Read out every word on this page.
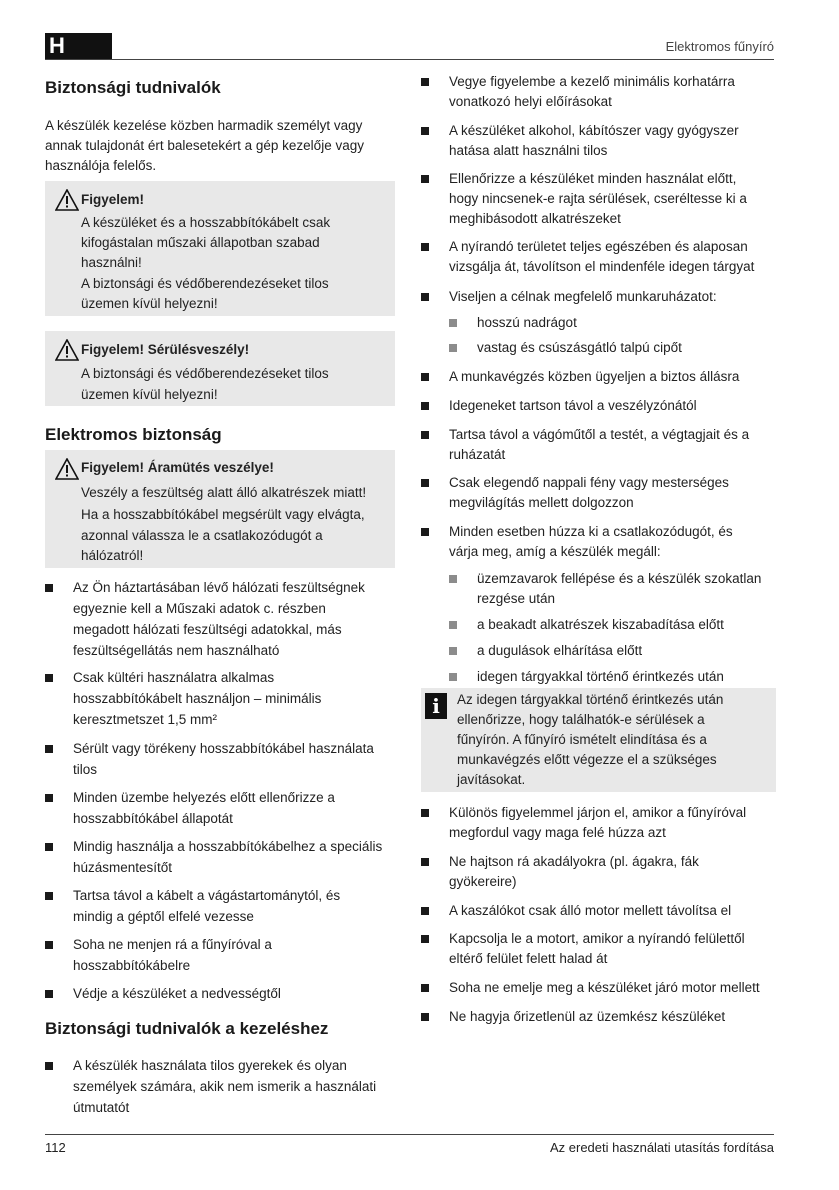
H	Elektromos fűnyíró
Biztonsági tudnivalók

A készülék kezelése közben harmadik személyt vagy

annak tulajdonát ért balesetekért a gép kezelője vagy

használója felelős.

Figyelem!
A készüléket és a hosszabbítókábelt csak
kifogástalan műszaki állapotban szabad
használni!
A biztonsági és védőberendezéseket tilos
üzemen kívül helyezni!
Figyelem! Sérülésveszély!
A biztonsági és védőberendezéseket tilos
üzemen kívül helyezni!
Elektromos biztonság
Figyelem! Áramütés veszélye!
Veszély a feszültség alatt álló alkatrészek miatt!
Ha a hosszabbítókábel megsérült vagy elvágta,
azonnal válassza le a csatlakozódugót a
hálózatról!
Az Ön háztartásában lévő hálózati feszültségnek
egyeznie kell a Műszaki adatok c. részben
megadott hálózati feszültségi adatokkal, más
feszültségellátás nem használható
Csak kültéri használatra alkalmas
hosszabbítókábelt használjon – minimális
keresztmetszet 1,5 mm²
Sérült vagy törékeny hosszabbítókábel használata
tilos
Minden üzembe helyezés előtt ellenőrizze a
hosszabbítókábel állapotát
Mindig használja a hosszabbítókábelhez a speciális
húzásmentesítőt
Tartsa távol a kábelt a vágástartománytól, és
mindig a géptől elfelé vezesse
Soha ne menjen rá a fűnyíróval a
hosszabbítókábelre
Védje a készüléket a nedvességtől
Biztonsági tudnivalók a kezeléshez
A készülék használata tilos gyerekek és olyan
személyek számára, akik nem ismerik a használati
útmutatót
Vegye figyelembe a kezelő minimális korhatárra
vonatkozó helyi előírásokat
A készüléket alkohol, kábítószer vagy gyógyszer
hatása alatt használni tilos
Ellenőrizze a készüléket minden használat előtt,
hogy nincsenek-e rajta sérülések, cseréltesse ki a
meghibásodott alkatrészeket
A nyírandó területet teljes egészében és alaposan
vizsgálja át, távolítson el mindenféle idegen tárgyat
Viseljen a célnak megfelelő munkaruházatot:
hosszú nadrágot
vastag és csúszásgátló talpú cipőt
A munkavégzés közben ügyeljen a biztos állásra
Idegeneket tartson távol a veszélyzónától
Tartsa távol a vágóműtől a testét, a végtagjait és a
ruházatát
Csak elegendő nappali fény vagy mesterséges
megvilágítás mellett dolgozzon
Minden esetben húzza ki a csatlakozódugót, és
várja meg, amíg a készülék megáll:
üzemzavarok fellépése és a készülék szokatlan
rezgése után
a beakadt alkatrészek kiszabadítása előtt
a dugulások elhárítása előtt
idegen tárgyakkal történő érintkezés után
i	Az idegen tárgyakkal történő érintkezés után
ellenőrizze, hogy találhatók-e sérülések a
fűnyírón. A fűnyíró ismételt elindítása és a
munkavégzés előtt végezze el a szükséges
javításokat.
Különös figyelemmel járjon el, amikor a fűnyíróval
megfordul vagy maga felé húzza azt
Ne hajtson rá akadályokra (pl. ágakra, fák
gyökereire)
A kaszálókot csak álló motor mellett távolítsa el
Kapcsolja le a motort, amikor a nyírandó felülettől
eltérő felület felett halad át
Soha ne emelje meg a készüléket járó motor mellett
Ne hagyja őrizetlenül az üzemkész készüléket
112	Az eredeti használati utasítás fordítása
